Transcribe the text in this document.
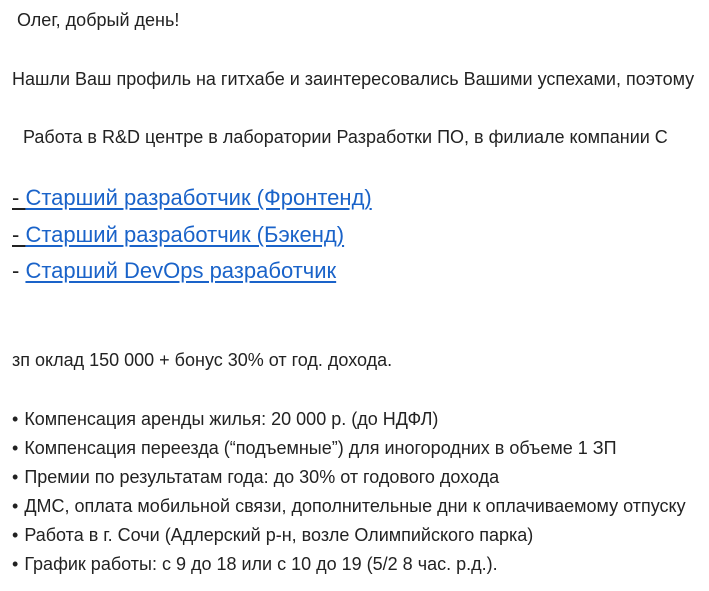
Олег, добрый день!
Нашли Ваш профиль на гитхабе и заинтересовались Вашими успехами, поэтому
Работа в R&D центре в лаборатории Разработки ПО, в филиале компании С
- Старший разработчик (Фронтенд)
- Старший разработчик (Бэкенд)
- Старший DevOps разработчик
зп оклад 150 000 + бонус 30% от год. дохода.
• Компенсация аренды жилья: 20 000 р. (до НДФЛ)
• Компенсация переезда (“подъемные”) для иногородних в объеме 1 ЗП
• Премии по результатам года: до 30% от годового дохода
• ДМС, оплата мобильной связи, дополнительные дни к оплачиваемому отпуску
• Работа в г. Сочи (Адлерский р-н, возле Олимпийского парка)
• График работы: с 9 до 18 или с 10 до 19 (5/2 8 час. р.д.).
